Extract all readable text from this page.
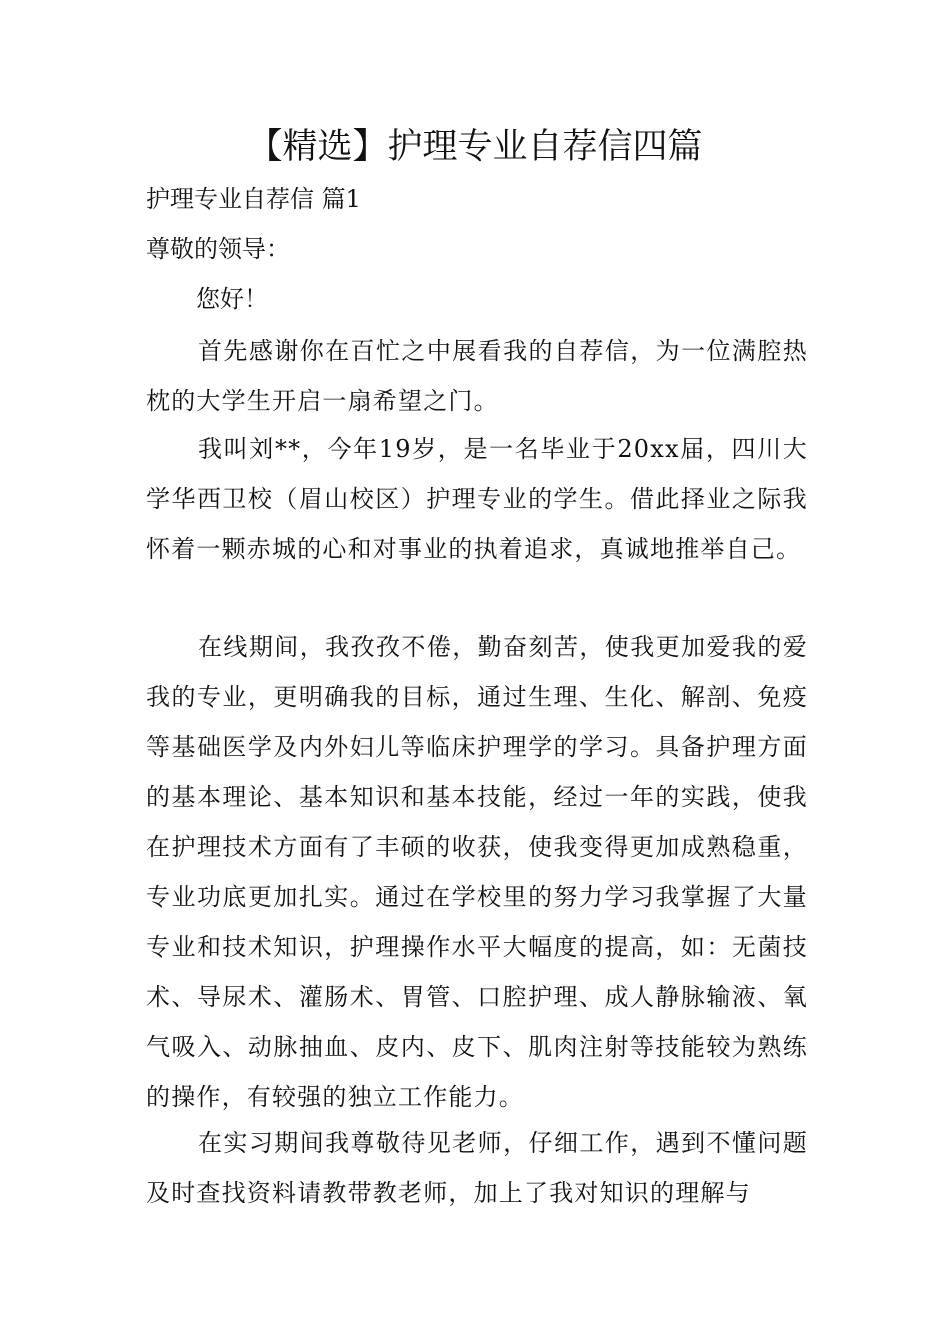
【精选】护理专业自荐信四篇
护理专业自荐信 篇1
尊敬的领导：
您好！

首先感谢你在百忙之中展看我的自荐信，为一位满腔热枕的大学生开启一扇希望之门。

我叫刘**，今年19岁，是一名毕业于20xx届，四川大学华西卫校（眉山校区）护理专业的学生。借此择业之际我怀着一颗赤城的心和对事业的执着追求，真诚地推举自己。

在线期间，我孜孜不倦，勤奋刻苦，使我更加爱我的爱我的专业，更明确我的目标，通过生理、生化、解剖、免疫等基础医学及内外妇儿等临床护理学的学习。具备护理方面的基本理论、基本知识和基本技能，经过一年的实践，使我在护理技术方面有了丰硕的收获，使我变得更加成熟稳重，专业功底更加扎实。通过在学校里的努力学习我掌握了大量专业和技术知识，护理操作水平大幅度的提高，如：无菌技术、导尿术、灌肠术、胃管、口腔护理、成人静脉输液、氧气吸入、动脉抽血、皮内、皮下、肌肉注射等技能较为熟练的操作，有较强的独立工作能力。

在实习期间我尊敬待见老师，仔细工作，遇到不懂问题及时查找资料请教带教老师，加上了我对知识的理解与
